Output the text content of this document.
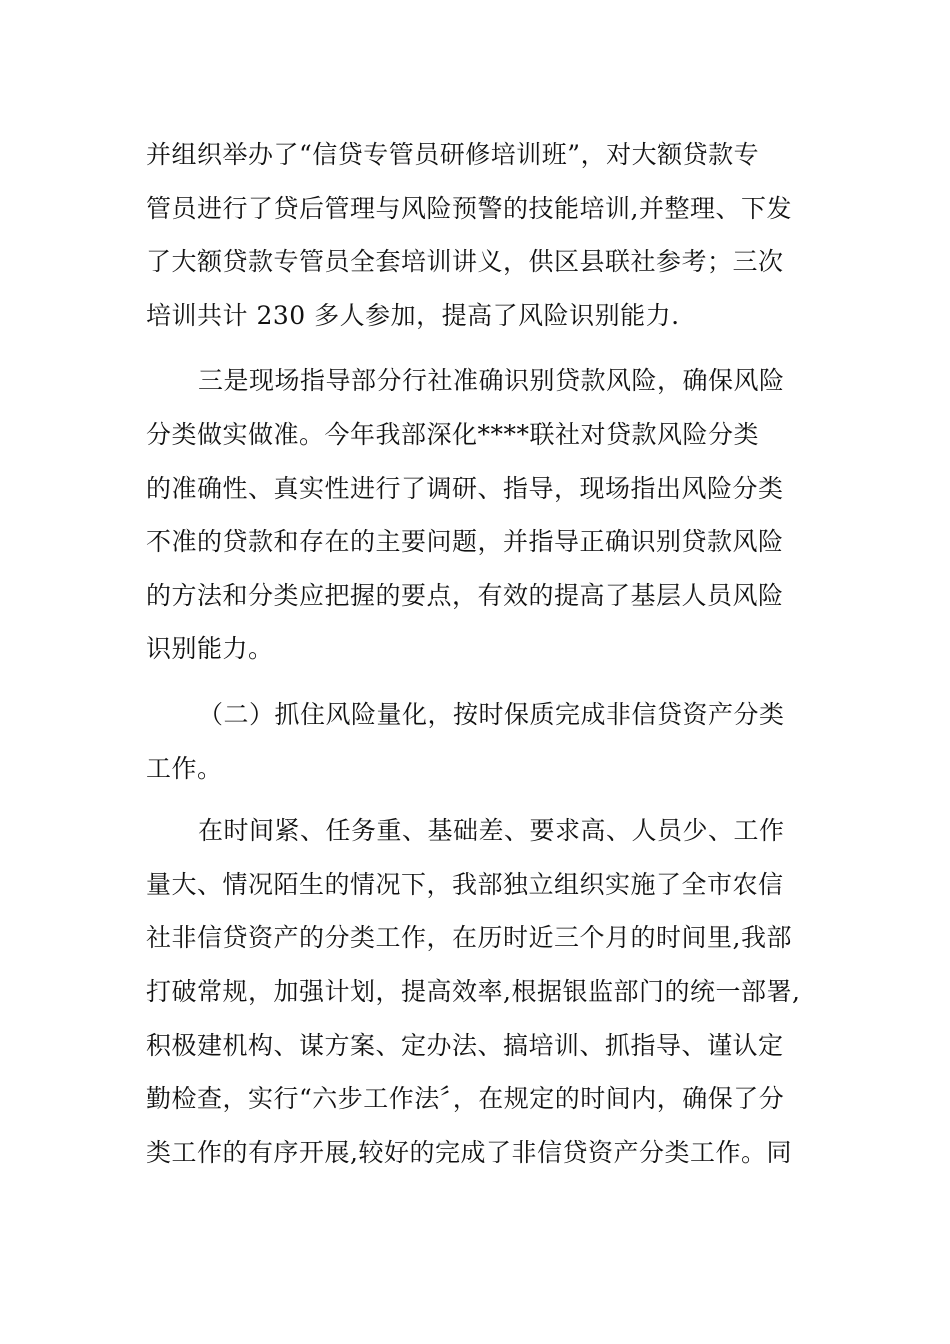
并组织举办了“信贷专管员研修培训班”，对大额贷款专
管员进行了贷后管理与风险预警的技能培训,并整理、下发
了大额贷款专管员全套培训讲义，供区县联社参考；三次
培训共计 230 多人参加，提高了风险识别能力.
三是现场指导部分行社准确识别贷款风险，确保风险
分类做实做准。今年我部深化****联社对贷款风险分类
的准确性、真实性进行了调研、指导，现场指出风险分类
不准的贷款和存在的主要问题，并指导正确识别贷款风险
的方法和分类应把握的要点，有效的提高了基层人员风险
识别能力。
（二）抓住风险量化，按时保质完成非信贷资产分类
工作。
在时间紧、任务重、基础差、要求高、人员少、工作
量大、情况陌生的情况下，我部独立组织实施了全市农信
社非信贷资产的分类工作，在历时近三个月的时间里,我部
打破常规，加强计划，提高效率,根据银监部门的统一部署,
积极建机构、谋方案、定办法、搞培训、抓指导、谨认定
勤检查，实行“六步工作法〞，在规定的时间内，确保了分
类工作的有序开展,较好的完成了非信贷资产分类工作。同
